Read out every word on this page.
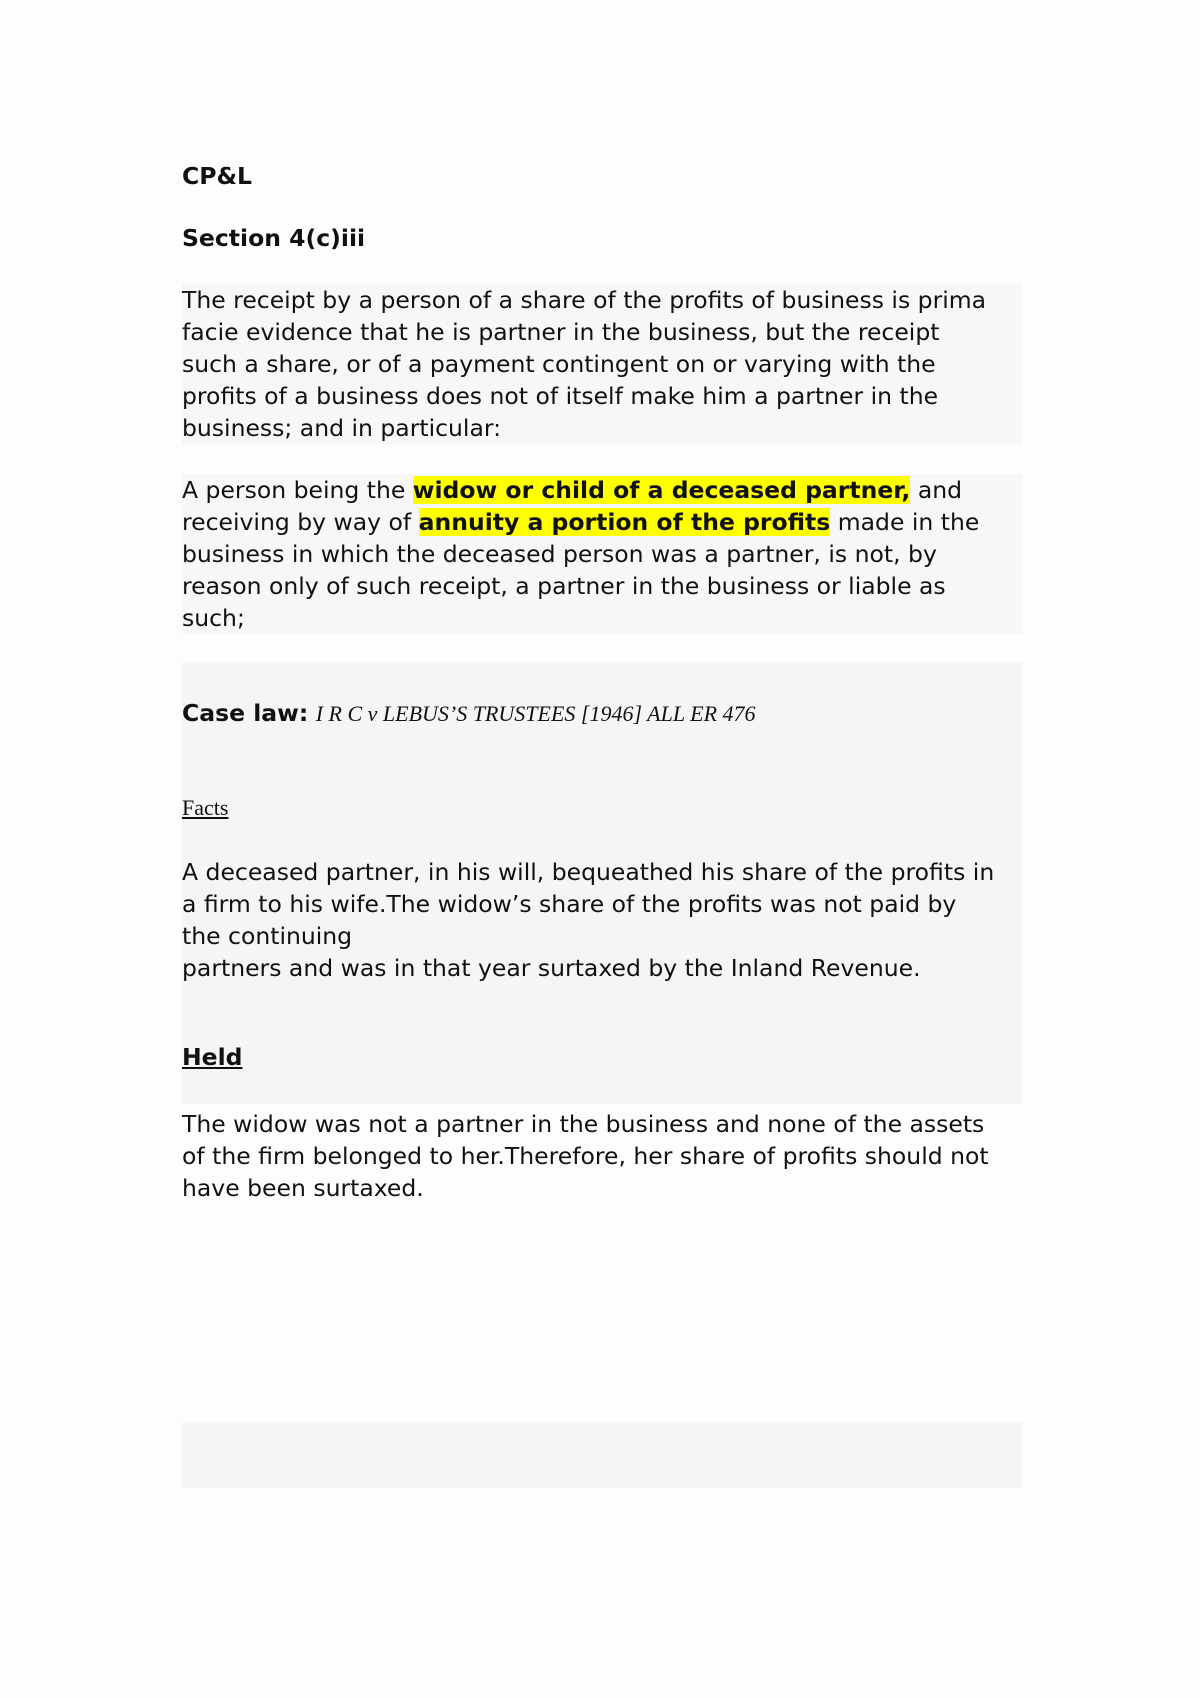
CP&L

Section 4(c)iii

The receipt by a person of a share of the profits of business is prima
facie evidence that he is partner in the business, but the receipt
such a share, or of a payment contingent on or varying with the
profits of a business does not of itself make him a partner in the
business; and in particular:
A person being the widow or child of a deceased partner, and
receiving by way of annuity a portion of the profits made in the
business in which the deceased person was a partner, is not, by
reason only of such receipt, a partner in the business or liable as
such;
Case law: I R C v LEBUS’S TRUSTEES [1946] ALL ER 476
Facts
A deceased partner, in his will, bequeathed his share of the profits in
a firm to his wife.The widow’s share of the profits was not paid by
the continuing
partners and was in that year surtaxed by the Inland Revenue.
Held
The widow was not a partner in the business and none of the assets
of the firm belonged to her.Therefore, her share of profits should not
have been surtaxed.
